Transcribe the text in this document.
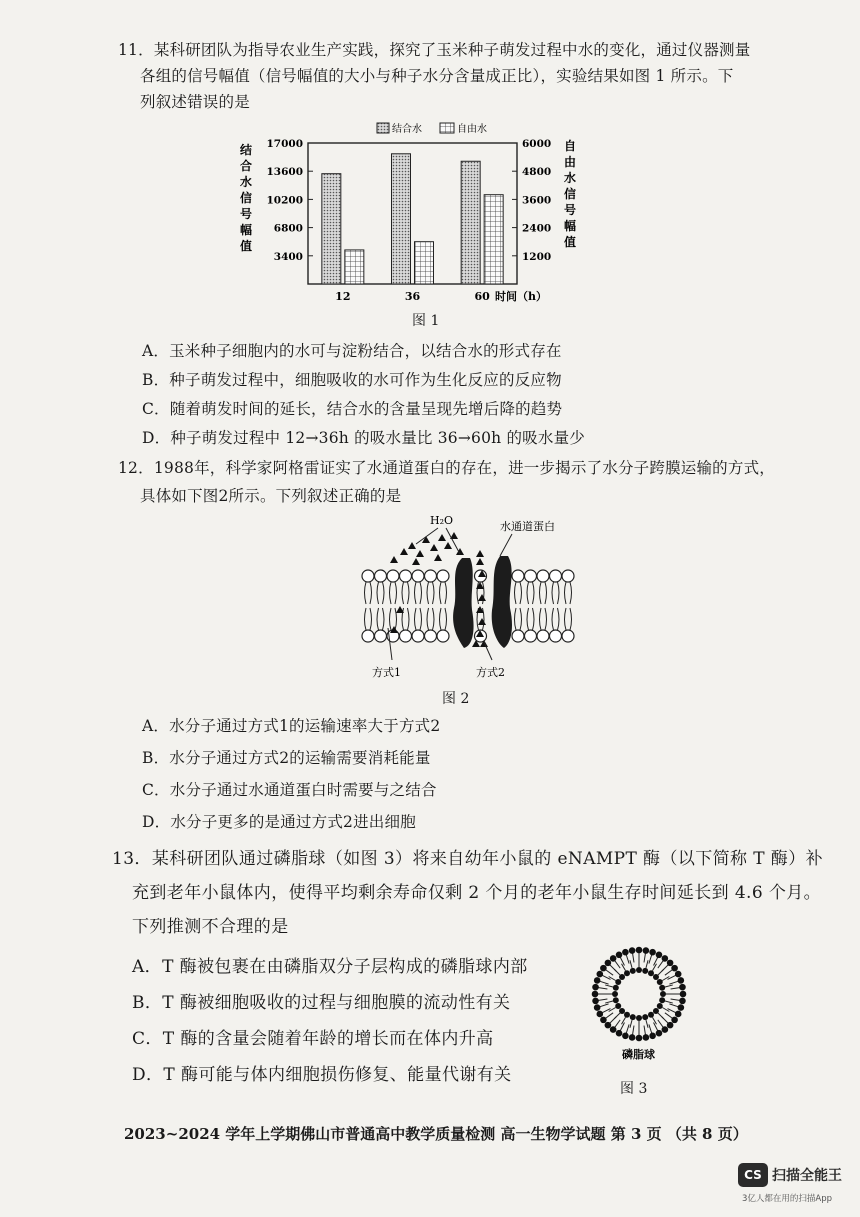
11．某科研团队为指导农业生产实践，探究了玉米种子萌发过程中水的变化，通过仪器测量
各组的信号幅值（信号幅值的大小与种子水分含量成正比），实验结果如图 1 所示。下
列叙述错误的是
17000
13600
10200
6800
3400
6000
4800
3600
2400
1200
12	36	60 时间（h）
结合水信号幅值
自由水信号幅值
结合水	自由水
图 1
A．玉米种子细胞内的水可与淀粉结合，以结合水的形式存在
B．种子萌发过程中，细胞吸收的水可作为生化反应的反应物
C．随着萌发时间的延长，结合水的含量呈现先增后降的趋势
D．种子萌发过程中 12→36h 的吸水量比 36→60h 的吸水量少
12．1988年，科学家阿格雷证实了水通道蛋白的存在，进一步揭示了水分子跨膜运输的方式，
具体如下图2所示。下列叙述正确的是
H₂O	水通道蛋白
方式1	方式2
图 2
A．水分子通过方式1的运输速率大于方式2
B．水分子通过方式2的运输需要消耗能量
C．水分子通过水通道蛋白时需要与之结合
D．水分子更多的是通过方式2进出细胞
13．某科研团队通过磷脂球（如图 3）将来自幼年小鼠的 eNAMPT 酶（以下简称 T 酶）补
充到老年小鼠体内，使得平均剩余寿命仅剩 2 个月的老年小鼠生存时间延长到 4.6 个月。
下列推测不合理的是
A．T 酶被包裹在由磷脂双分子层构成的磷脂球内部
B．T 酶被细胞吸收的过程与细胞膜的流动性有关
C．T 酶的含量会随着年龄的增长而在体内升高
D．T 酶可能与体内细胞损伤修复、能量代谢有关
磷脂球
图 3
2023~2024 学年上学期佛山市普通高中教学质量检测 高一生物学试题 第 3 页 （共 8 页）
CS 扫描全能王
3亿人都在用的扫描App
